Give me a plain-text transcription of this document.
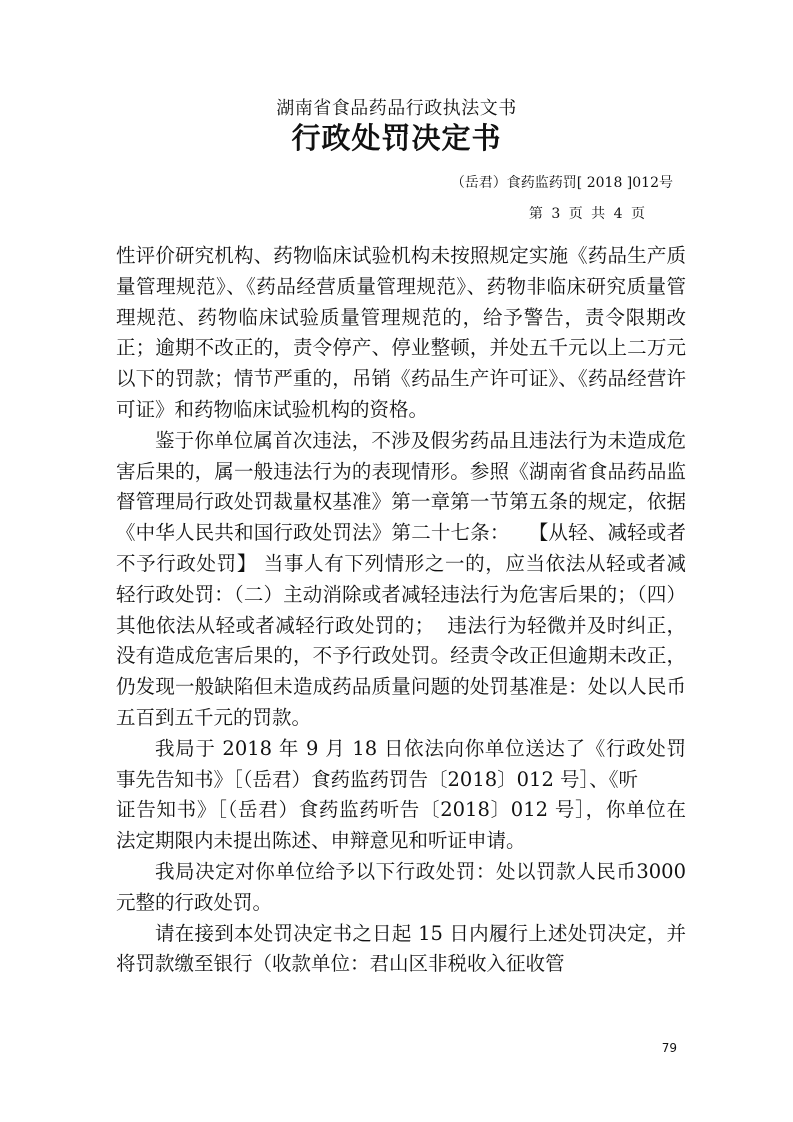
湖南省食品药品行政执法文书
行政处罚决定书
（岳君）食药监药罚[ 2018 ]012号
第 3 页 共 4 页

性评价研究机构、药物临床试验机构未按照规定实施《药品生产质量管理规范》、《药品经营质量管理规范》、药物非临床研究质量管理规范、药物临床试验质量管理规范的，给予警告，责令限期改正；逾期不改正的，责令停产、停业整顿，并处五千元以上二万元以下的罚款；情节严重的，吊销《药品生产许可证》、《药品经营许可证》和药物临床试验机构的资格。

鉴于你单位属首次违法，不涉及假劣药品且违法行为未造成危害后果的，属一般违法行为的表现情形。参照《湖南省食品药品监督管理局行政处罚裁量权基准》第一章第一节第五条的规定，依据《中华人民共和国行政处罚法》第二十七条：   【从轻、减轻或者不予行政处罚】 当事人有下列情形之一的，应当依法从轻或者减轻行政处罚：（二）主动消除或者减轻违法行为危害后果的；（四）其他依法从轻或者减轻行政处罚的；  违法行为轻微并及时纠正，没有造成危害后果的，不予行政处罚。经责令改正但逾期未改正，仍发现一般缺陷但未造成药品质量问题的处罚基准是：处以人民币五百到五千元的罚款。

我局于 2018 年 9 月 18 日依法向你单位送达了《行政处罚事先告知书》［（岳君）食药监药罚告〔2018〕012 号］、《听

证告知书》［（岳君）食药监药听告〔2018〕012 号］，你单位在法定期限内未提出陈述、申辩意见和听证申请。

我局决定对你单位给予以下行政处罚：处以罚款人民币3000 元整的行政处罚。

请在接到本处罚决定书之日起 15 日内履行上述处罚决定，并将罚款缴至银行（收款单位：君山区非税收入征收管

79
